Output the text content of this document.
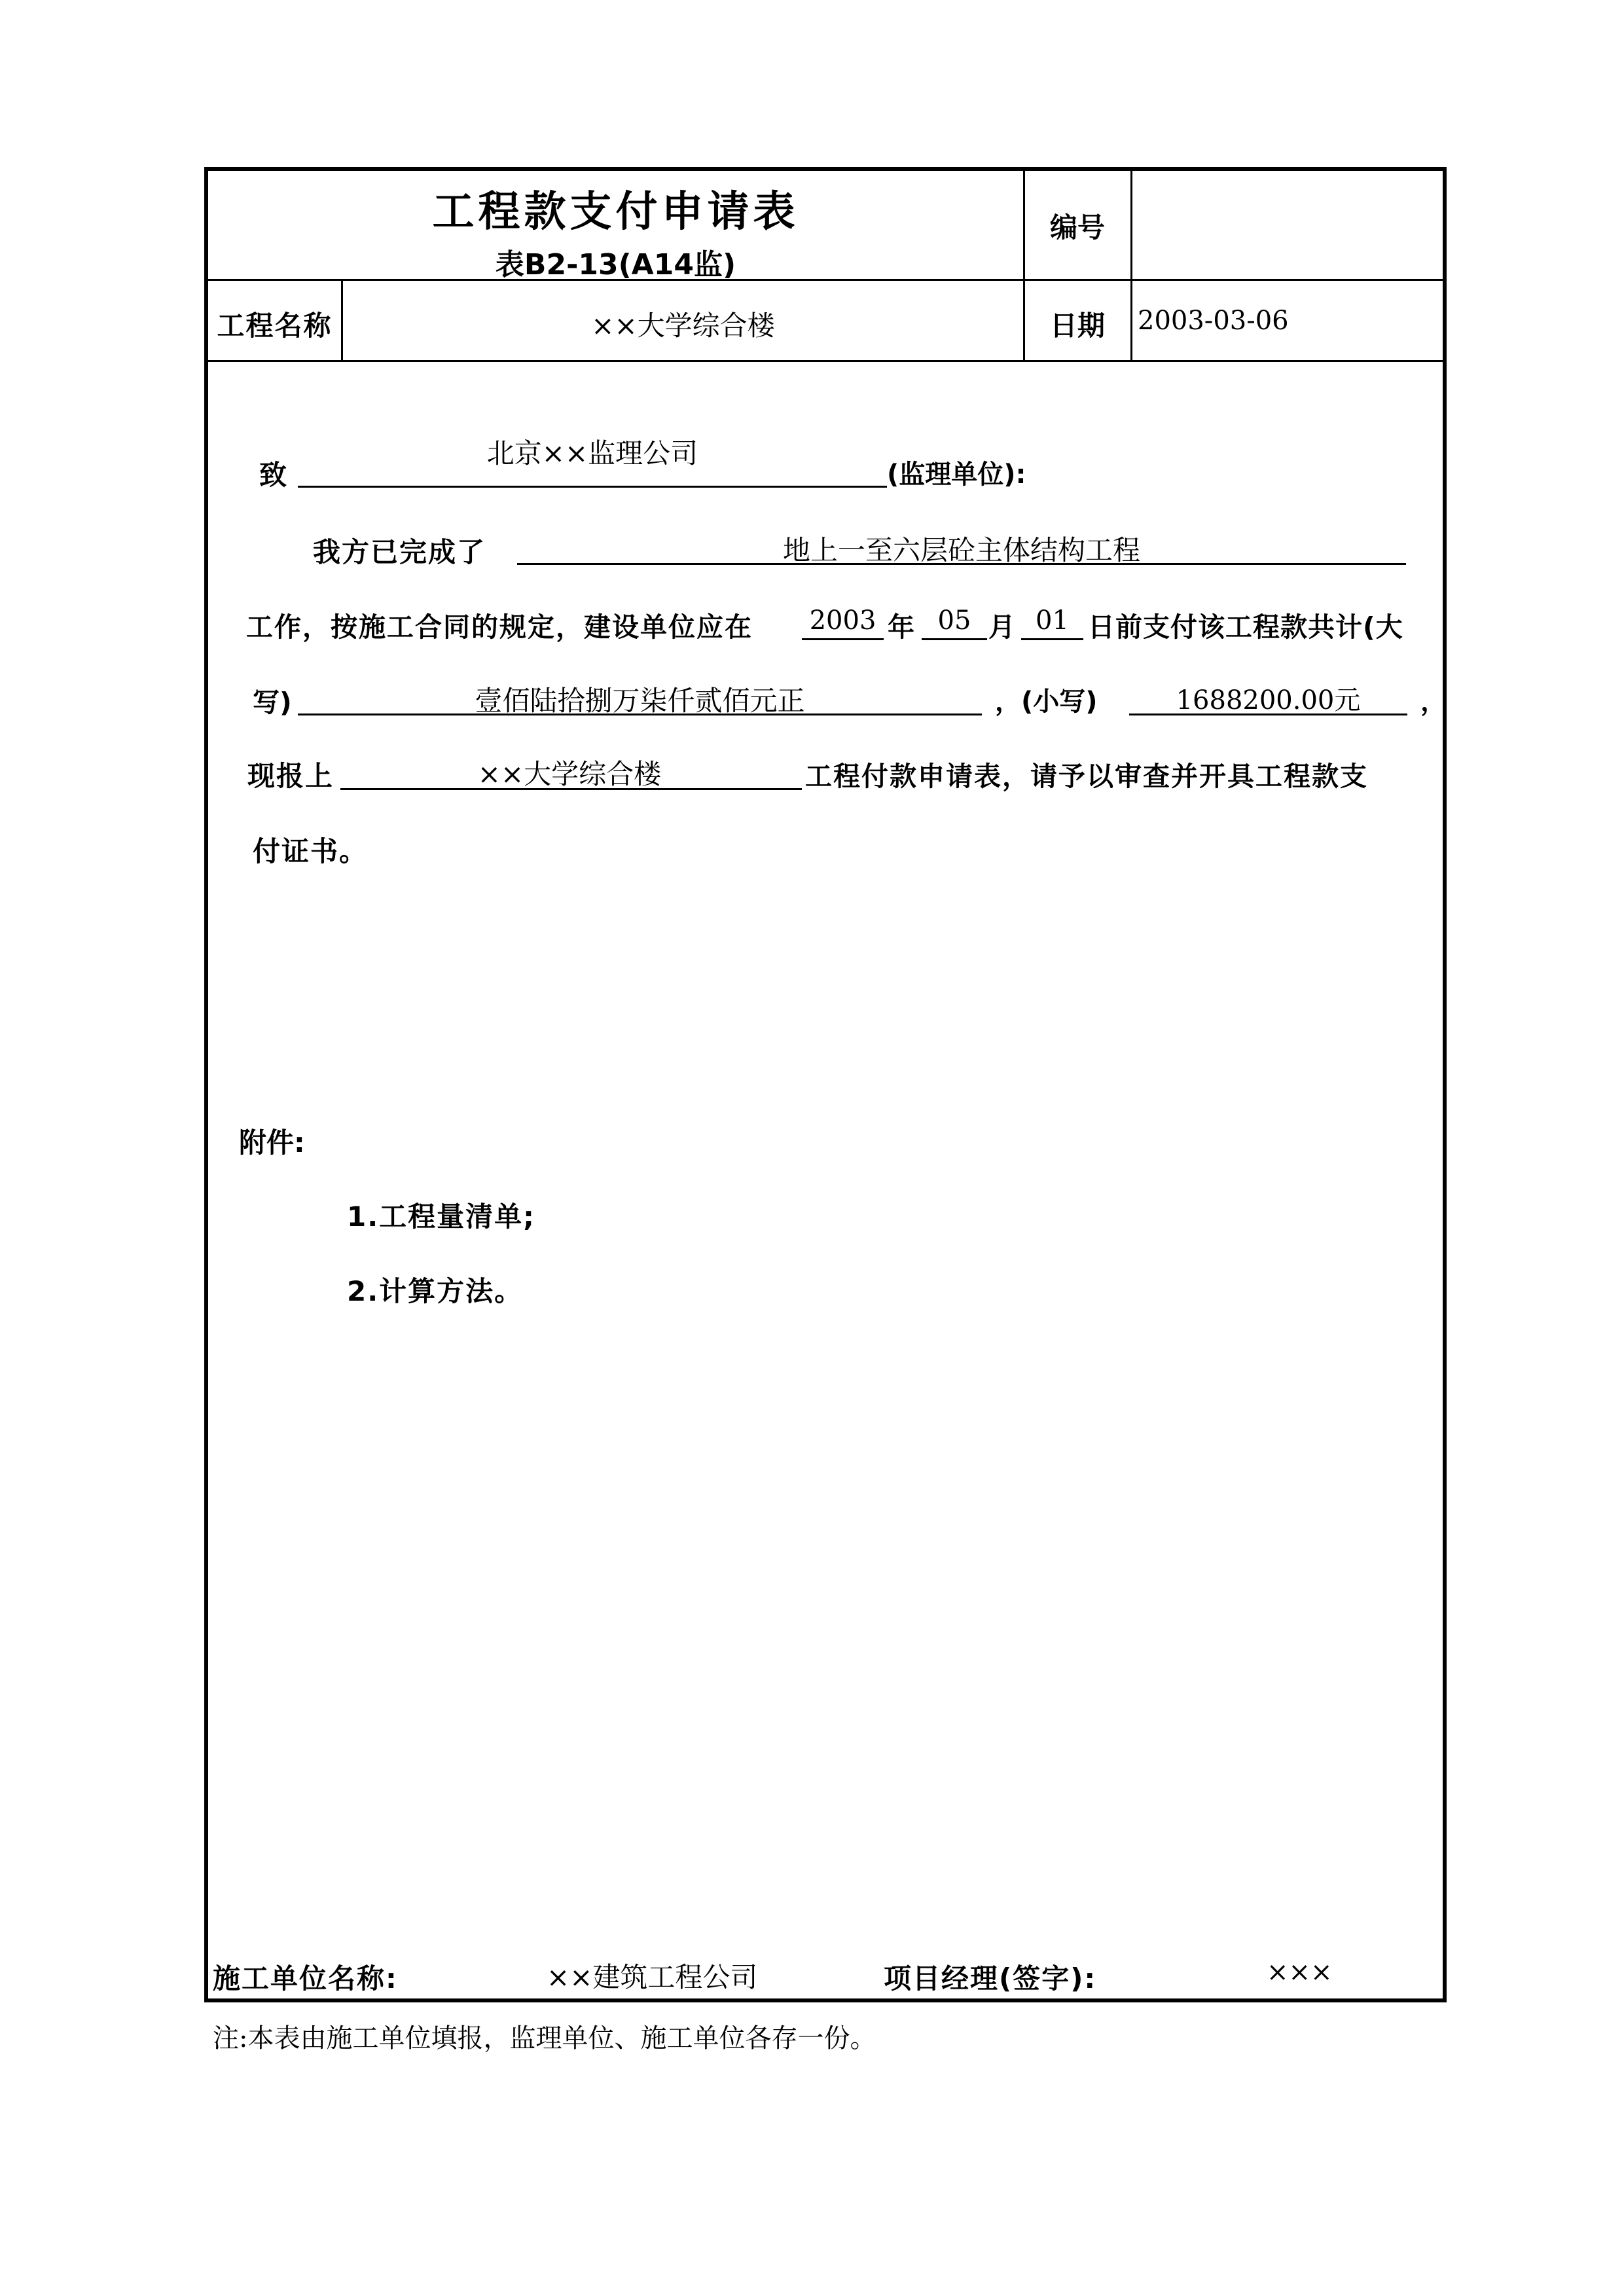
工程款支付申请表
表B2-13(A14监)
编号
工程名称	××大学综合楼	日期	2003-03-06
致
北京××监理公司
(监理单位):
我方已完成了	地上一至六层砼主体结构工程
工作，按施工合同的规定，建设单位应在	2003 年 05 月 01 日前支付该工程款共计(大
写)	壹佰陆拾捌万柒仟贰佰元正	，(小写)	1688200.00元	，
现报上	××大学综合楼	工程付款申请表，请予以审查并开具工程款支
付证书。
附件:
1.工程量清单;
2.计算方法。
施工单位名称:	××建筑工程公司	项目经理(签字):	×××
注:本表由施工单位填报，监理单位、施工单位各存一份。
